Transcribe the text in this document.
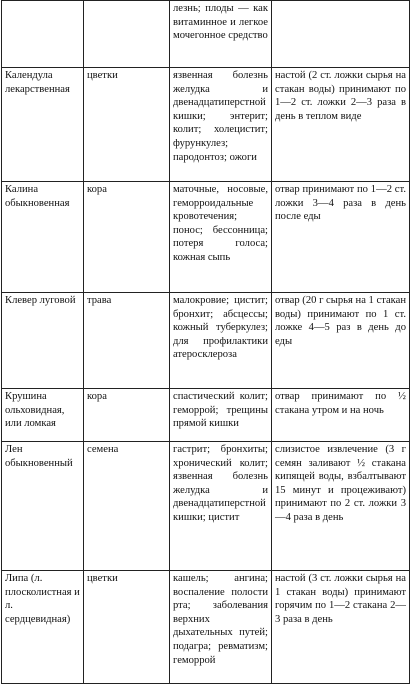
		лезнь; плоды — как витаминное и легкое мочегонное средство	
Календула лекарственная	цветки	язвенная болезнь желудка и двенадцатиперстной кишки; энтерит; колит; холецистит; фурункулез; пародонтоз; ожоги	настой (2 ст. ложки сырья на стакан воды) принимают по 1—2 ст. ложки 2—3 раза в день в теплом виде
Калина обыкновенная	кора	маточные, носовые, геморроидальные кровотечения; понос; бессонница; потеря голоса; кожная сыпь	отвар принимают по 1—2 ст. ложки 3—4 раза в день после еды
Клевер луговой	трава	малокровие; цистит; бронхит; абсцессы; кожный туберкулез; для профилактики атеросклероза	отвар (20 г сырья на 1 стакан воды) принимают по 1 ст. ложке 4—5 раз в день до еды
Крушина ольховидная, или ломкая	кора	спастический колит; геморрой; трещины прямой кишки	отвар принимают по ½ стакана утром и на ночь
Лен обыкновенный	семена	гастрит; бронхиты; хронический колит; язвенная болезнь желудка и двенадцатиперстной кишки; цистит	слизистое извлечение (3 г семян заливают ½ стакана кипящей воды, взбалтывают 15 минут и процеживают) принимают по 2 ст. ложки 3—4 раза в день
Липа (л. плосколистная и л. сердцевидная)	цветки	кашель; ангина; воспаление полости рта; заболевания верхних дыхательных путей; подагра; ревматизм; геморрой	настой (3 ст. ложки сырья на 1 стакан воды) принимают горячим по 1—2 стакана 2—3 раза в день
